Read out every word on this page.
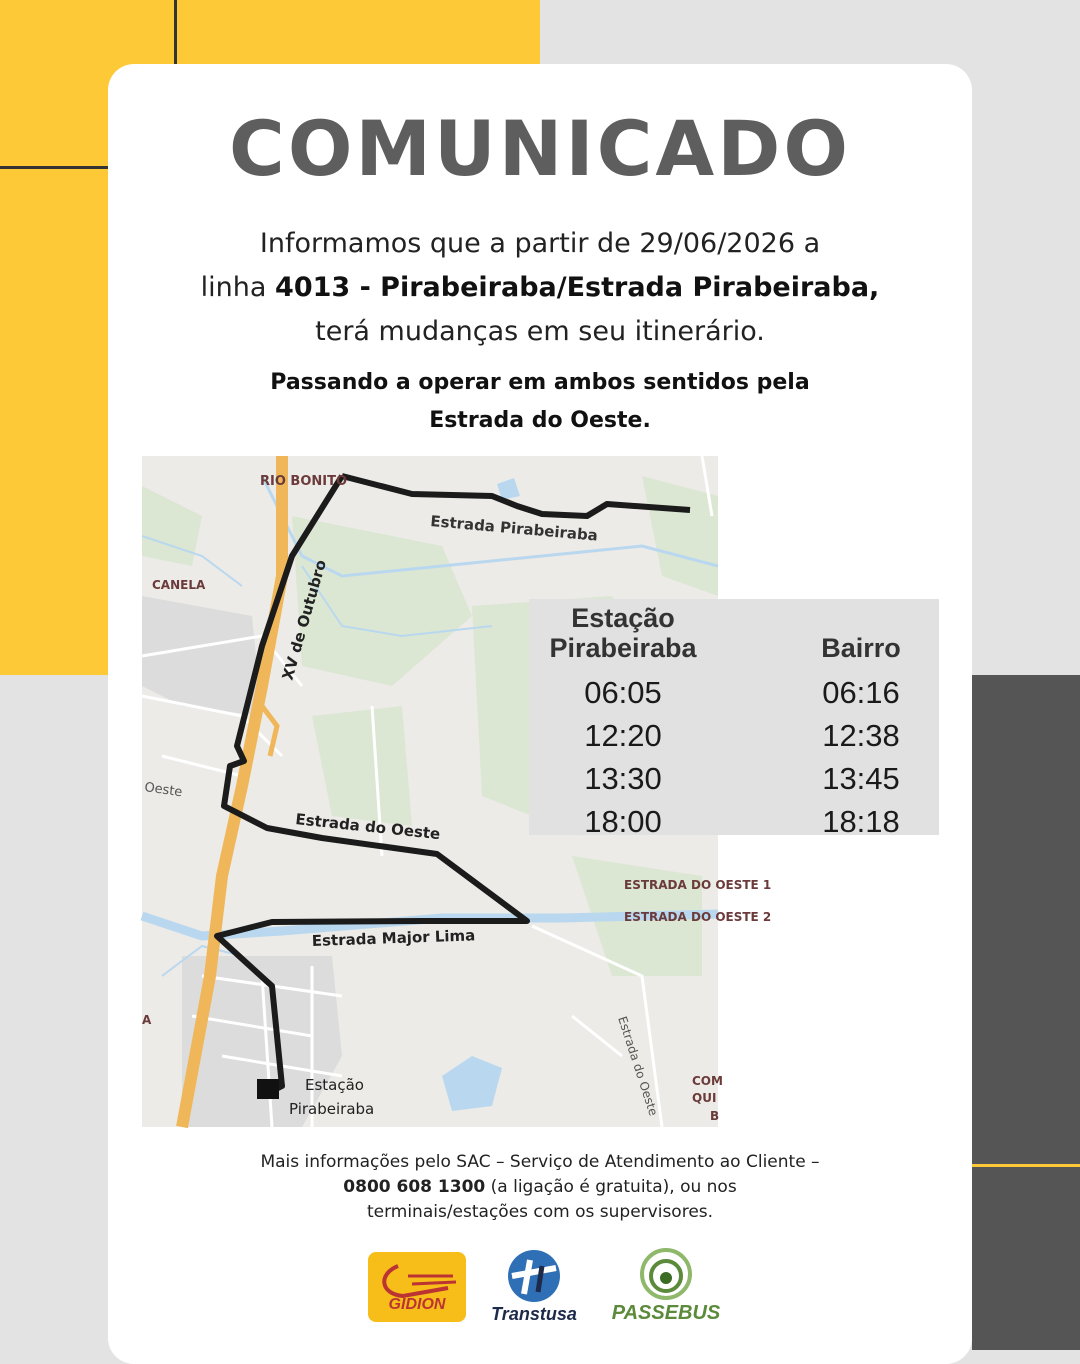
COMUNICADO
Informamos que a partir de 29/06/2026 a
linha 4013 - Pirabeiraba/Estrada Pirabeiraba,
terá mudanças em seu itinerário.
Passando a operar em ambos sentidos pela
Estrada do Oeste.
RIO BONITO
CANELA
Estrada Pirabeiraba
XV de Outubro
Oeste
Estrada do Oeste
ESTRADA DO OESTE 1
ESTRADA DO OESTE 2
Estrada Major Lima
Estrada do Oeste
Estação
Pirabeiraba
COM
QUI
B
A
Estação
Pirabeiraba
06:05
12:20
13:30
18:00
Bairro
06:16
12:38
13:45
18:18
Mais informações pelo SAC – Serviço de Atendimento ao Cliente –
0800 608 1300 (a ligação é gratuita), ou nos
terminais/estações com os supervisores.
GIDION	Transtusa	PASSEBUS
